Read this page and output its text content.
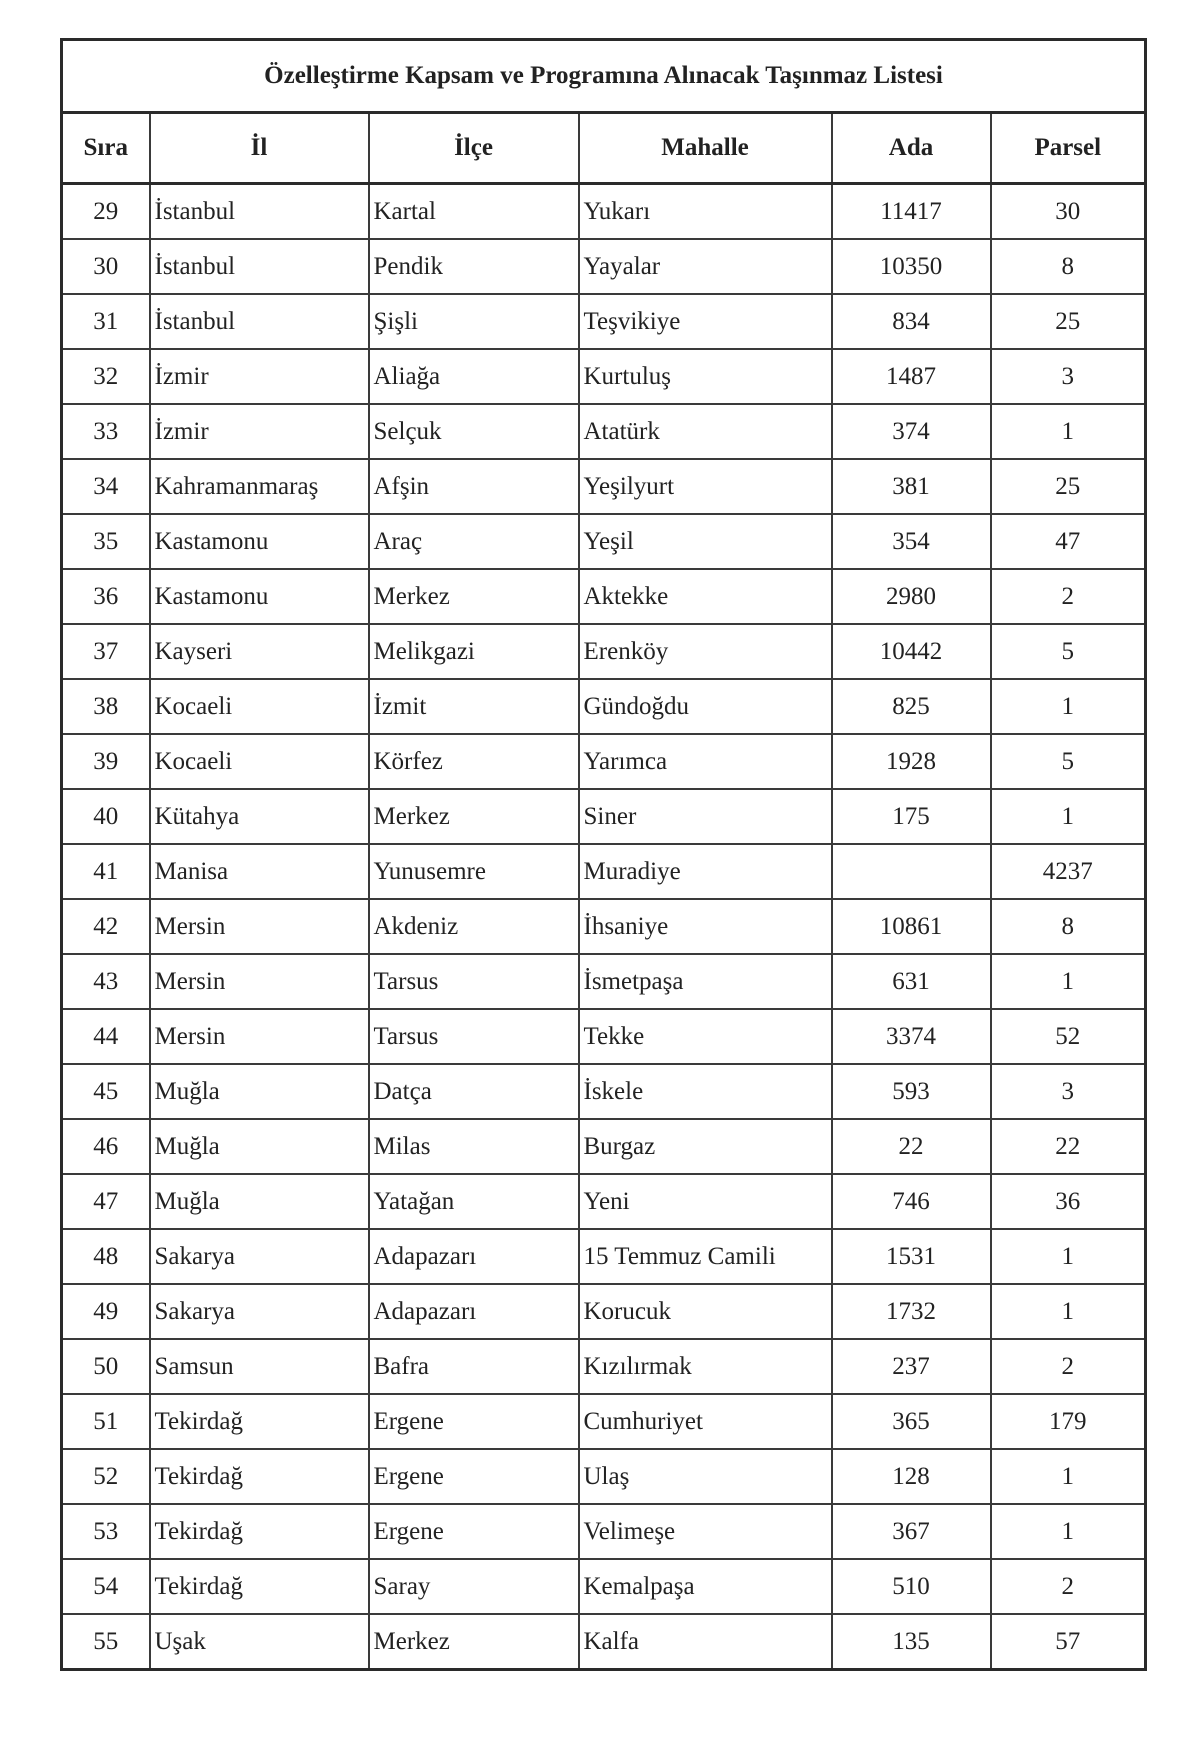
Özelleştirme Kapsam ve Programına Alınacak Taşınmaz Listesi					
Sıra	İl	İlçe	Mahalle	Ada	Parsel
29	İstanbul	Kartal	Yukarı	11417	30
30	İstanbul	Pendik	Yayalar	10350	8
31	İstanbul	Şişli	Teşvikiye	834	25
32	İzmir	Aliağa	Kurtuluş	1487	3
33	İzmir	Selçuk	Atatürk	374	1
34	Kahramanmaraş	Afşin	Yeşilyurt	381	25
35	Kastamonu	Araç	Yeşil	354	47
36	Kastamonu	Merkez	Aktekke	2980	2
37	Kayseri	Melikgazi	Erenköy	10442	5
38	Kocaeli	İzmit	Gündoğdu	825	1
39	Kocaeli	Körfez	Yarımca	1928	5
40	Kütahya	Merkez	Siner	175	1
41	Manisa	Yunusemre	Muradiye		4237
42	Mersin	Akdeniz	İhsaniye	10861	8
43	Mersin	Tarsus	İsmetpaşa	631	1
44	Mersin	Tarsus	Tekke	3374	52
45	Muğla	Datça	İskele	593	3
46	Muğla	Milas	Burgaz	22	22
47	Muğla	Yatağan	Yeni	746	36
48	Sakarya	Adapazarı	15 Temmuz Camili	1531	1
49	Sakarya	Adapazarı	Korucuk	1732	1
50	Samsun	Bafra	Kızılırmak	237	2
51	Tekirdağ	Ergene	Cumhuriyet	365	179
52	Tekirdağ	Ergene	Ulaş	128	1
53	Tekirdağ	Ergene	Velimeşe	367	1
54	Tekirdağ	Saray	Kemalpaşa	510	2
55	Uşak	Merkez	Kalfa	135	57
